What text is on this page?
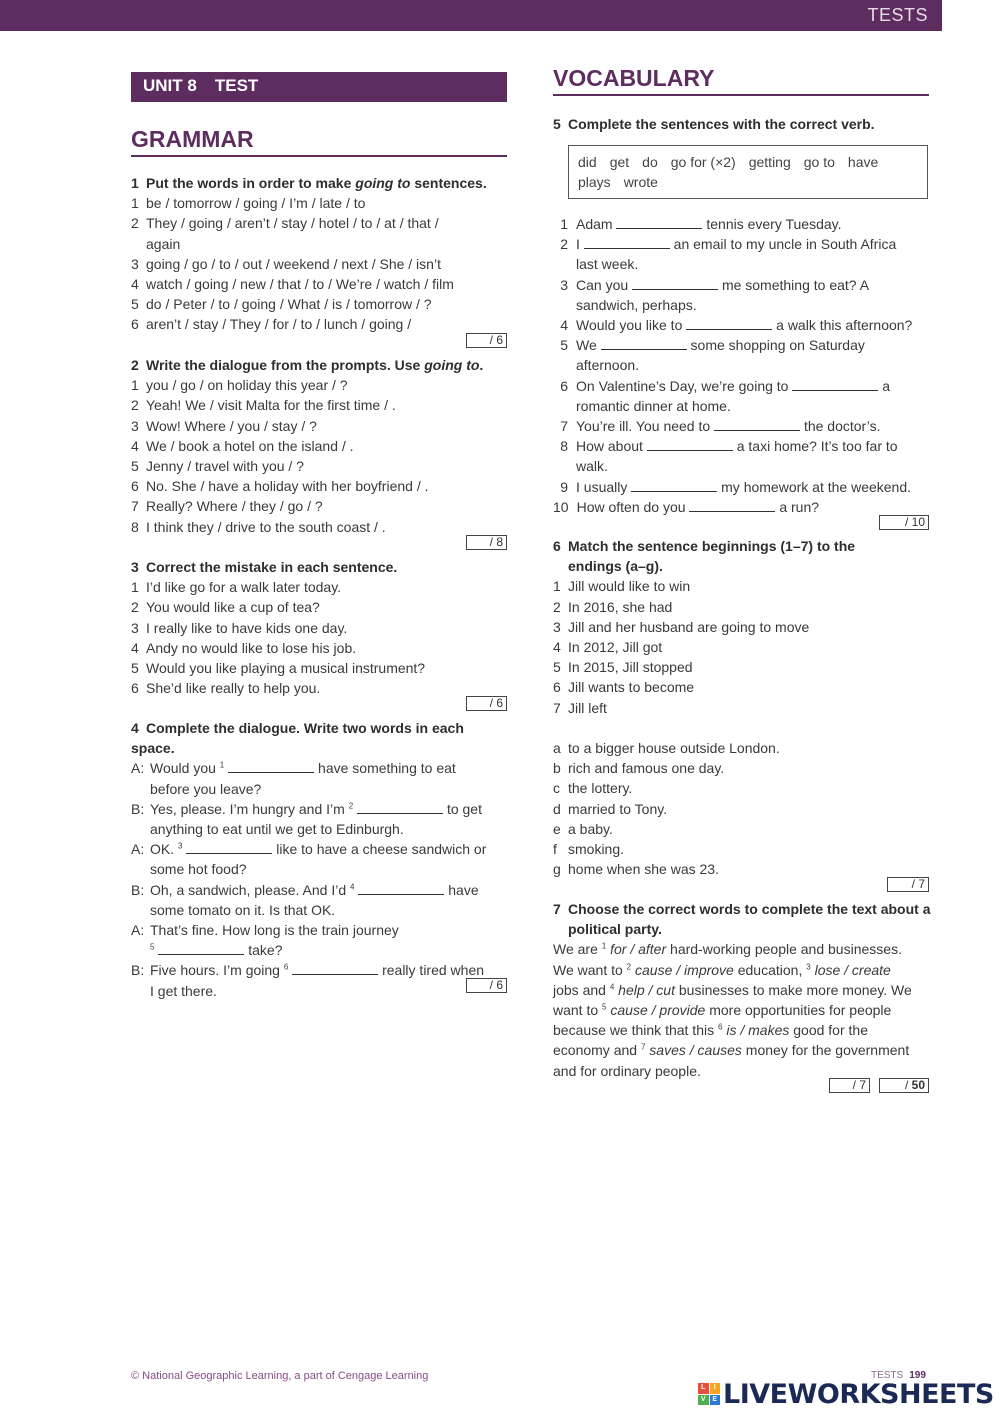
TESTS
UNIT 8 TEST
GRAMMAR
VOCABULARY
1 Put the words in order to make going to sentences.
1 be / tomorrow / going / I’m / late / to
2 They / going / aren’t / stay / hotel / to / at / that /
again
3 going / go / to / out / weekend / next / She / isn’t
4 watch / going / new / that / to / We’re / watch / film
5 do / Peter / to / going / What / is / tomorrow / ?
6 aren’t / stay / They / for / to / lunch / going /
/ 6
2 Write the dialogue from the prompts. Use going to.
1 you / go / on holiday this year / ?
2 Yeah! We / visit Malta for the first time / .
3 Wow! Where / you / stay / ?
4 We / book a hotel on the island / .
5 Jenny / travel with you / ?
6 No. She / have a holiday with her boyfriend / .
7 Really? Where / they / go / ?
8 I think they / drive to the south coast / .
/ 8
3 Correct the mistake in each sentence.
1 I’d like go for a walk later today.
2 You would like a cup of tea?
3 I really like to have kids one day.
4 Andy no would like to lose his job.
5 Would you like playing a musical instrument?
6 She’d like really to help you.
/ 6
4 Complete the dialogue. Write two words in each space.
A: Would you $^1$	have something to eat
before you leave?
B: Yes, please. I’m hungry and I’m $^2$	to get
anything to eat until we get to Edinburgh.
A: OK. $^3$	like to have a cheese sandwich or
some hot food?
B: Oh, a sandwich, please. And I’d $^4$	have
some tomato on it. Is that OK.
A: That’s fine. How long is the train journey
$^5$	take?
B: Five hours. I’m going $^6$	really tired when
I get there.	/ 6
5 Complete the sentences with the correct verb.
did get do go for (×2) getting go to have
plays wrote
1 Adam	tennis every Tuesday.
2 I	an email to my uncle in South Africa
last week.
3 Can you	me something to eat? A
sandwich, perhaps.
4 Would you like to	a walk this afternoon?
5 We	some shopping on Saturday
afternoon.
6 On Valentine’s Day, we’re going to	a
romantic dinner at home.
7 You’re ill. You need to	the doctor’s.
8 How about	a taxi home? It’s too far to
walk.
9 I usually	my homework at the weekend.
10 How often do you	a run?
/ 10
6 Match the sentence beginnings (1–7) to the
endings (a–g).
1 Jill would like to win
2 In 2016, she had
3 Jill and her husband are going to move
4 In 2012, Jill got
5 In 2015, Jill stopped
6 Jill wants to become
7 Jill left
a to a bigger house outside London.
b rich and famous one day.
c the lottery.
d married to Tony.
e a baby.
f smoking.
g home when she was 23.
/ 7
7 Choose the correct words to complete the text about a
political party.
We are $^1$ for / after hard-working people and businesses.
We want to $^2$ cause / improve education, $^3$ lose / create
jobs and $^4$ help / cut businesses to make more money. We
want to $^5$ cause / provide more opportunities for people
because we think that this $^6$ is / makes good for the
economy and $^7$ saves / causes money for the government
and for ordinary people.
/ 7	/ 50
© National Geographic Learning, a part of Cengage Learning	TESTS 199
L	I
V E LIVEWORKSHEETS
